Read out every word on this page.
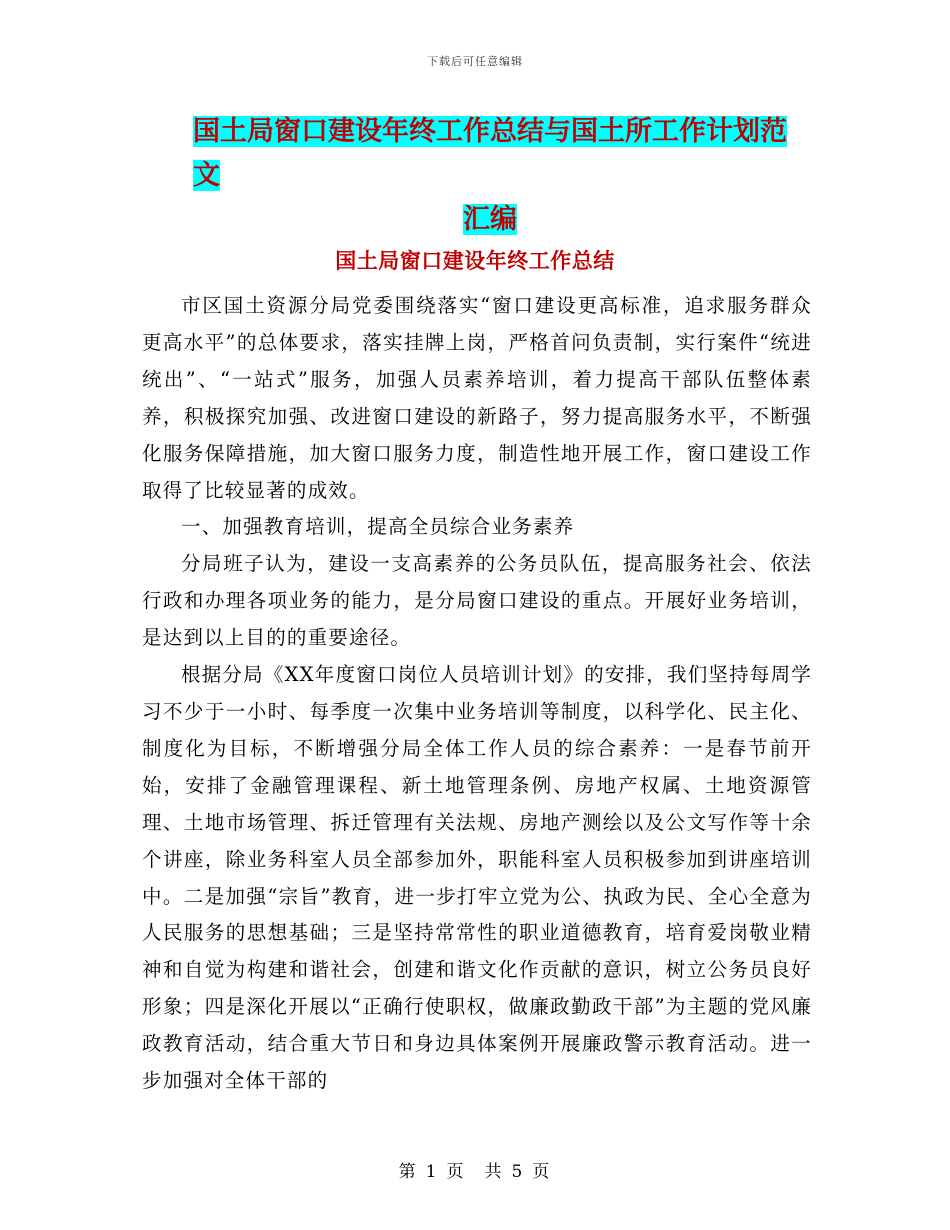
下载后可任意编辑
国土局窗口建设年终工作总结与国土所工作计划范文
汇编
国土局窗口建设年终工作总结

市区国土资源分局党委围绕落实“窗口建设更高标准，追求服务群众更高水平”的总体要求，落实挂牌上岗，严格首问负责制，实行案件“统进统出”、“一站式”服务，加强人员素养培训，着力提高干部队伍整体素养，积极探究加强、改进窗口建设的新路子，努力提高服务水平，不断强化服务保障措施，加大窗口服务力度，制造性地开展工作，窗口建设工作取得了比较显著的成效。

一、加强教育培训，提高全员综合业务素养

分局班子认为，建设一支高素养的公务员队伍，提高服务社会、依法行政和办理各项业务的能力，是分局窗口建设的重点。开展好业务培训，是达到以上目的的重要途径。

根据分局《XX年度窗口岗位人员培训计划》的安排，我们坚持每周学习不少于一小时、每季度一次集中业务培训等制度，以科学化、民主化、制度化为目标，不断增强分局全体工作人员的综合素养：一是春节前开始，安排了金融管理课程、新土地管理条例、房地产权属、土地资源管理、土地市场管理、拆迁管理有关法规、房地产测绘以及公文写作等十余个讲座，除业务科室人员全部参加外，职能科室人员积极参加到讲座培训中。二是加强“宗旨”教育，进一步打牢立党为公、执政为民、全心全意为人民服务的思想基础；三是坚持常常性的职业道德教育，培育爱岗敬业精神和自觉为构建和谐社会，创建和谐文化作贡献的意识，树立公务员良好形象；四是深化开展以“正确行使职权，做廉政勤政干部”为主题的党风廉政教育活动，结合重大节日和身边具体案例开展廉政警示教育活动。进一步加强对全体干部的

第 1 页　共 5 页
